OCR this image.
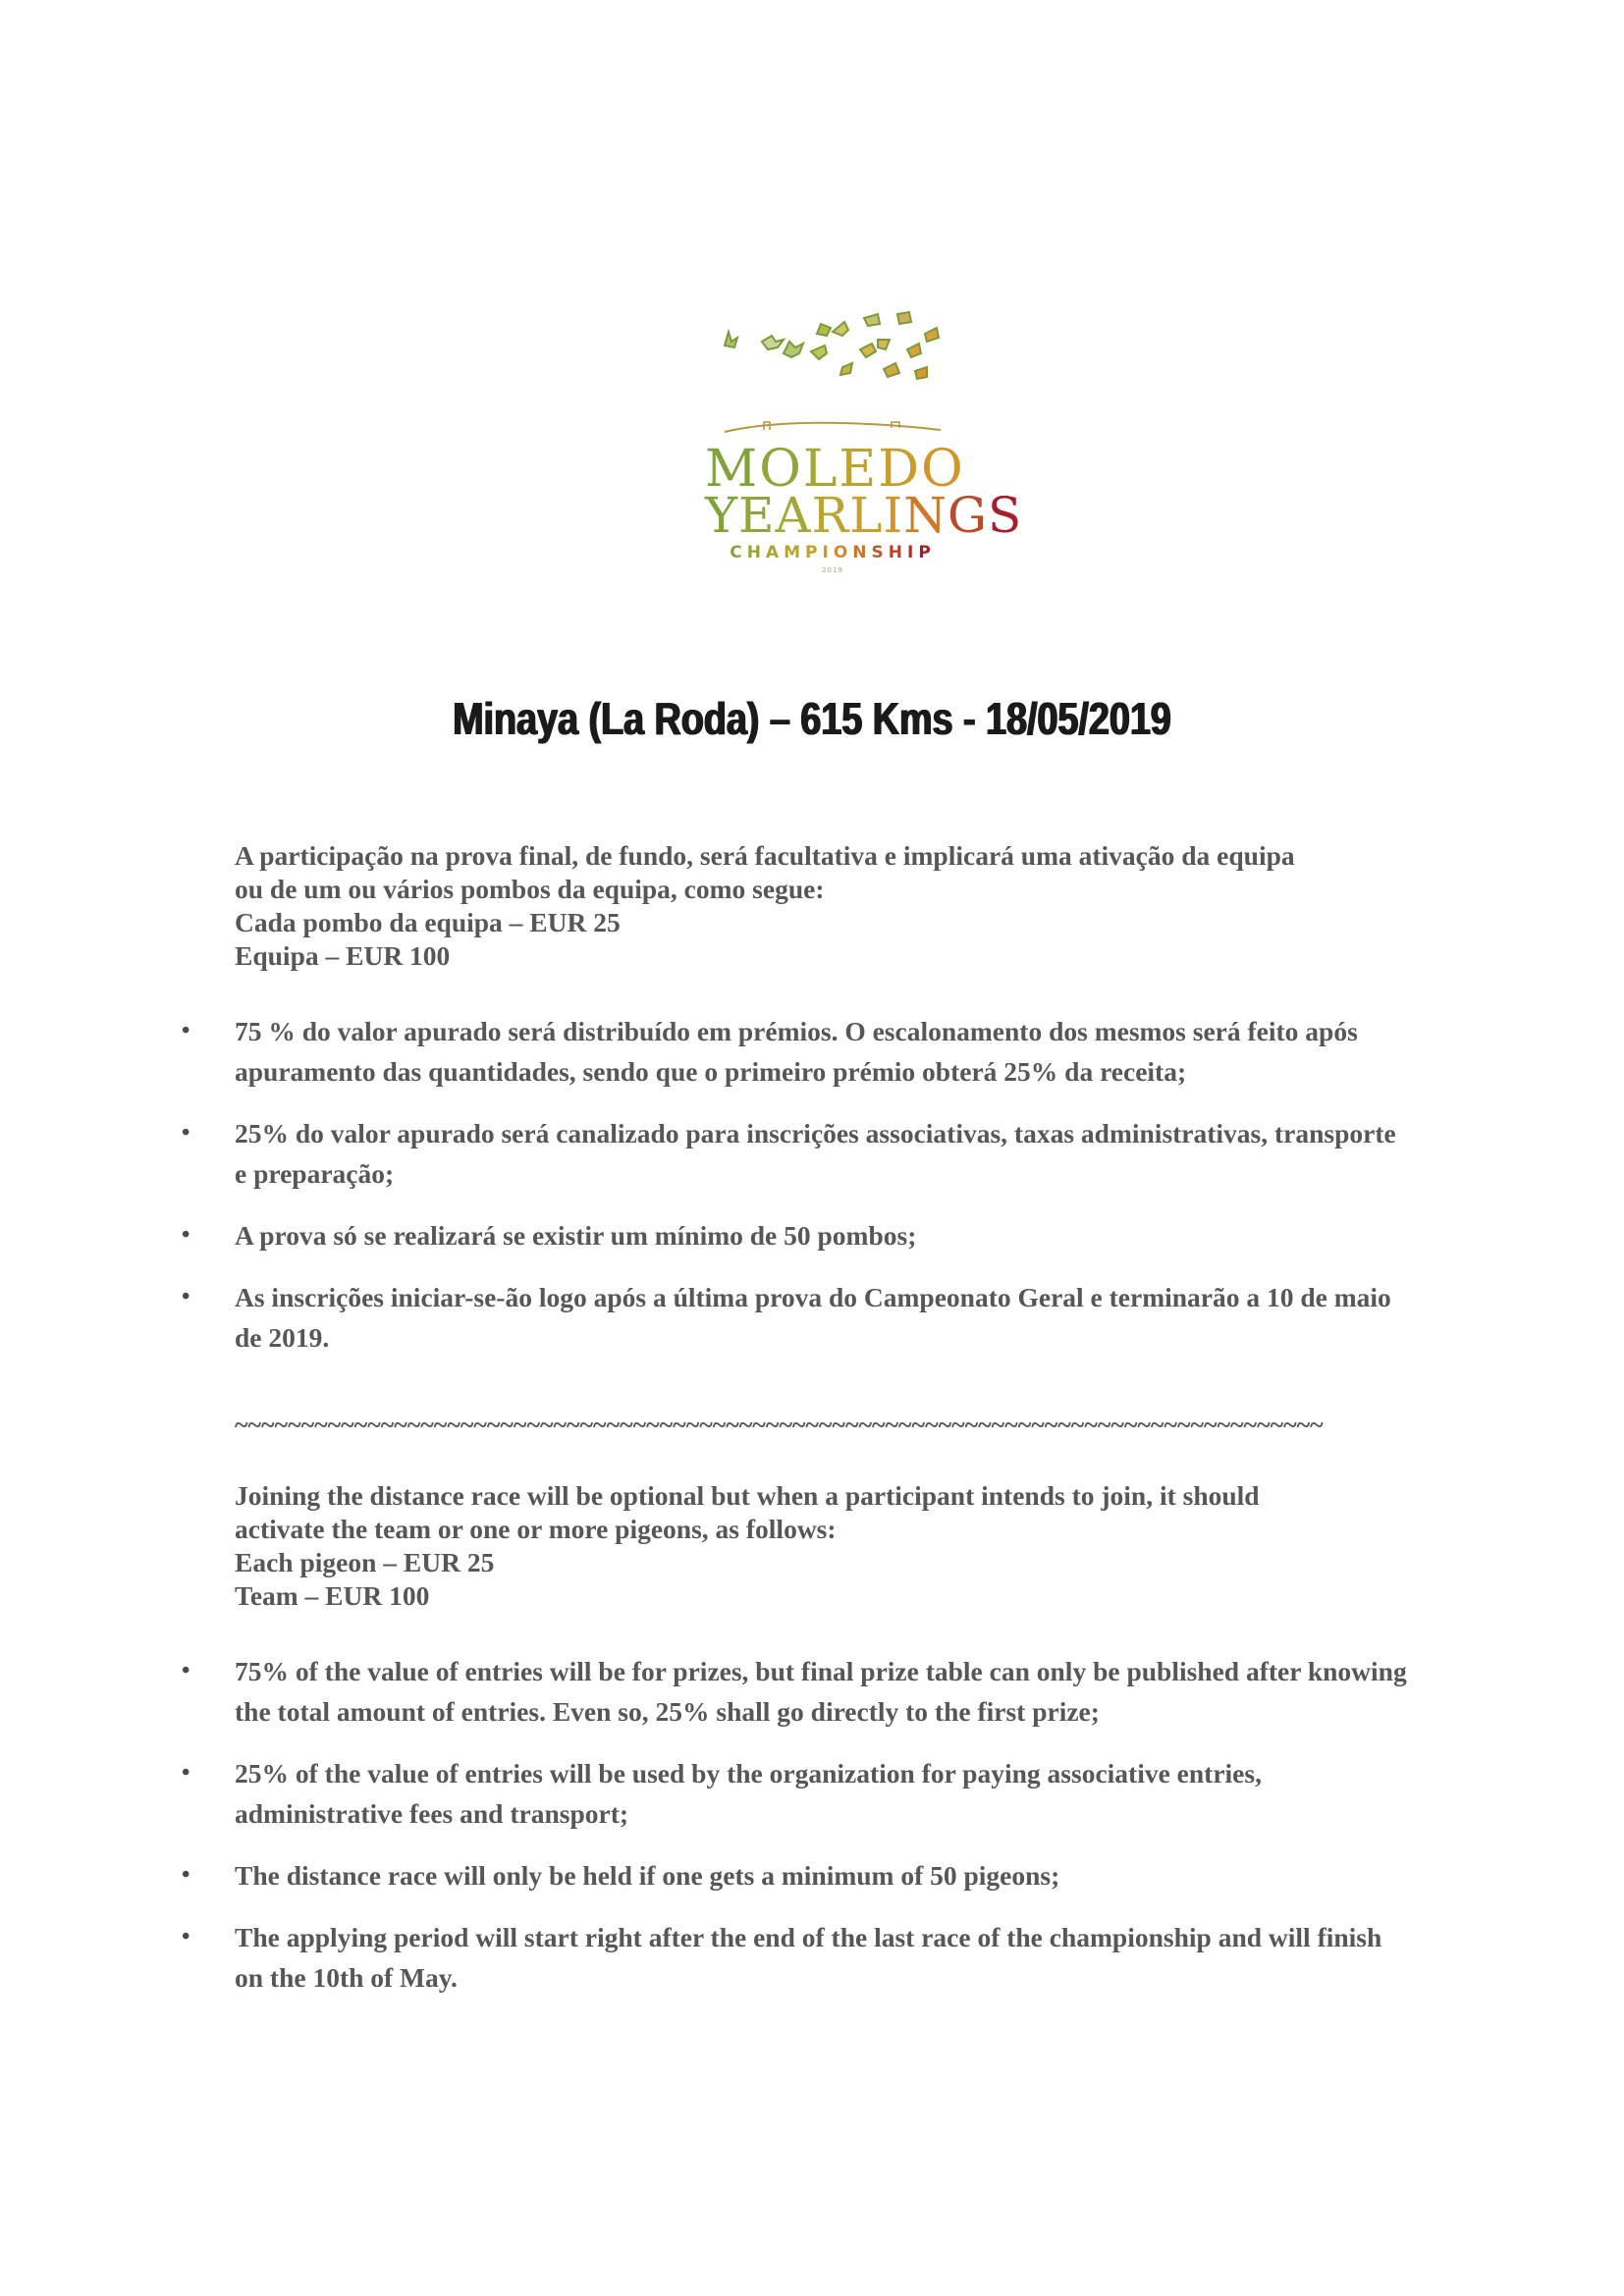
MOLEDO
YEARLINGS
CHAMPIONSHIP
2019
Minaya (La Roda) – 615 Kms - 18/05/2019

A participação na prova final, de fundo, será facultativa e implicará uma ativação da equipa

ou de um ou vários pombos da equipa, como segue:

Cada pombo da equipa – EUR 25

Equipa – EUR 100

• 75 % do valor apurado será distribuído em prémios. O escalonamento dos mesmos será feito após apuramento das quantidades, sendo que o primeiro prémio obterá 25% da receita;
• 25% do valor apurado será canalizado para inscrições associativas, taxas administrativas, transporte e preparação;
• A prova só se realizará se existir um mínimo de 50 pombos;
• As inscrições iniciar-se-ão logo após a última prova do Campeonato Geral e terminarão a 10 de maio de 2019.
~~~~~~~~~~~~~~~~~~~~~~~~~~~~~~~~~~~~~~~~~~~~~~~~~~~~~~~~~~~~~~~~~~~~~~~~~~~~~~~~~~

Joining the distance race will be optional but when a participant intends to join, it should

activate the team or one or more pigeons, as follows:

Each pigeon – EUR 25

Team – EUR 100

• 75% of the value of entries will be for prizes, but final prize table can only be published after knowing the total amount of entries. Even so, 25% shall go directly to the first prize;
• 25% of the value of entries will be used by the organization for paying associative entries, administrative fees and transport;
• The distance race will only be held if one gets a minimum of 50 pigeons;
• The applying period will start right after the end of the last race of the championship and will finish on the 10th of May.
